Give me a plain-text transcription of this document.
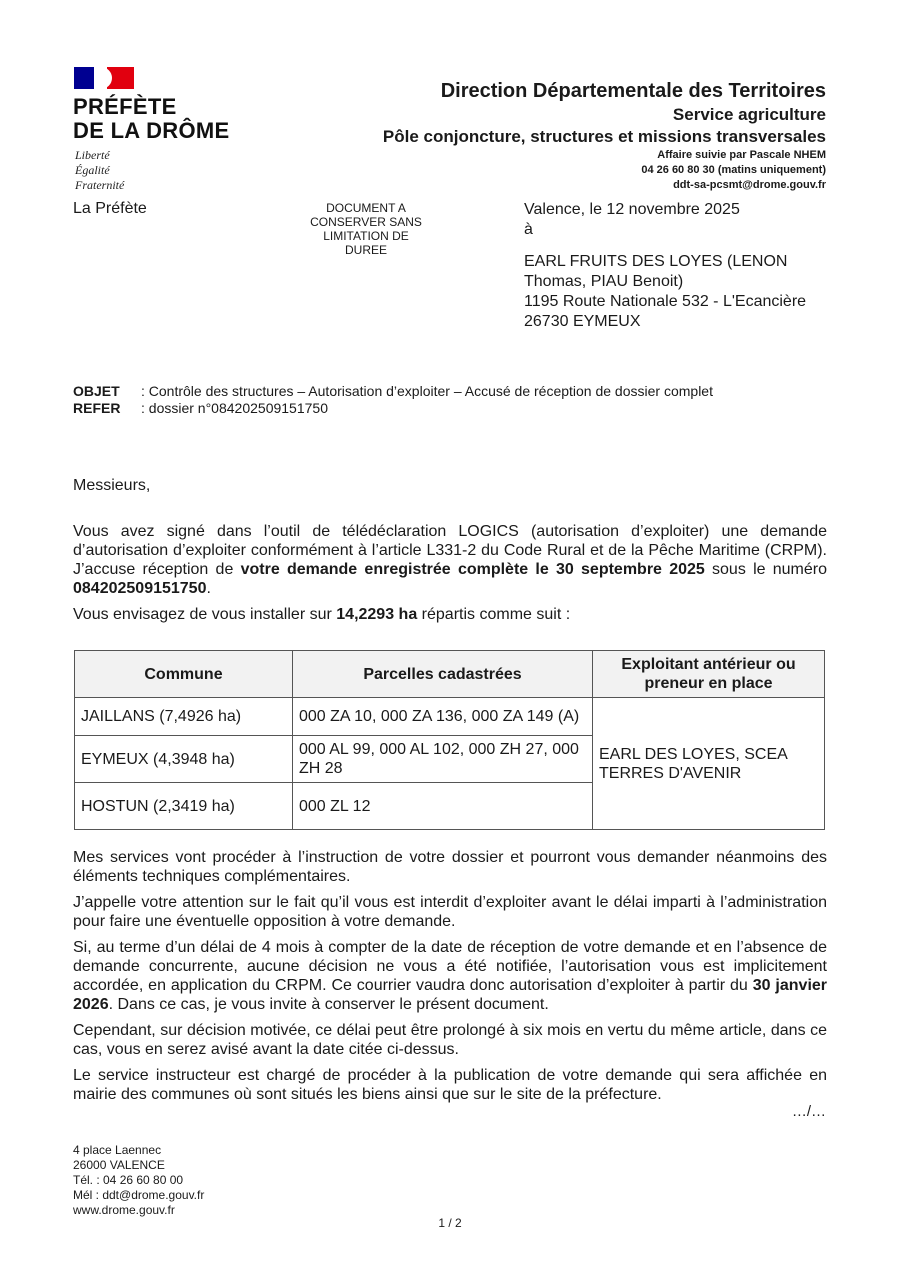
PRÉFÈTE
DE LA DRÔME
Liberté
Égalité
Fraternité
Direction Départementale des Territoires
Service agriculture
Pôle conjoncture, structures et missions transversales
Affaire suivie par Pascale NHEM
04 26 60 80 30 (matins uniquement)
ddt-sa-pcsmt@drome.gouv.fr
La Préfète	DOCUMENT A CONSERVER SANS LIMITATION DE DUREE
Valence, le 12 novembre 2025
à
EARL FRUITS DES LOYES (LENON Thomas, PIAU Benoit)
1195 Route Nationale 532 - L'Ecancière
26730 EYMEUX
OBJET : Contrôle des structures – Autorisation d’exploiter – Accusé de réception de dossier complet
REFER : dossier n°084202509151750
Messieurs,

Vous avez signé dans l’outil de télédéclaration LOGICS (autorisation d’exploiter) une demande d’autorisation d’exploiter conformément à l’article L331-2 du Code Rural et de la Pêche Maritime (CRPM). J’accuse réception de votre demande enregistrée complète le 30 septembre 2025 sous le numéro 084202509151750.

Vous envisagez de vous installer sur 14,2293 ha répartis comme suit :

Commune	Parcelles cadastrées	Exploitant antérieur ou preneur en place
JAILLANS (7,4926 ha)	000 ZA 10, 000 ZA 136, 000 ZA 149 (A)	EARL DES LOYES, SCEA TERRES D'AVENIR
EYMEUX (4,3948 ha)	000 AL 99, 000 AL 102, 000 ZH 27, 000 ZH 28	
HOSTUN (2,3419 ha)	000 ZL 12	

Mes services vont procéder à l’instruction de votre dossier et pourront vous demander néanmoins des éléments techniques complémentaires.

J’appelle votre attention sur le fait qu’il vous est interdit d’exploiter avant le délai imparti à l’administration pour faire une éventuelle opposition à votre demande.

Si, au terme d’un délai de 4 mois à compter de la date de réception de votre demande et en l’absence de demande concurrente, aucune décision ne vous a été notifiée, l’autorisation vous est implicitement accordée, en application du CRPM. Ce courrier vaudra donc autorisation d’exploiter à partir du 30 janvier 2026. Dans ce cas, je vous invite à conserver le présent document.

Cependant, sur décision motivée, ce délai peut être prolongé à six mois en vertu du même article, dans ce cas, vous en serez avisé avant la date citée ci-dessus.

Le service instructeur est chargé de procéder à la publication de votre demande qui sera affichée en mairie des communes où sont situés les biens ainsi que sur le site de la préfecture.

…/…
4 place Laennec
26000 VALENCE
Tél. : 04 26 60 80 00
Mél : ddt@drome.gouv.fr
www.drome.gouv.fr
1 / 2
